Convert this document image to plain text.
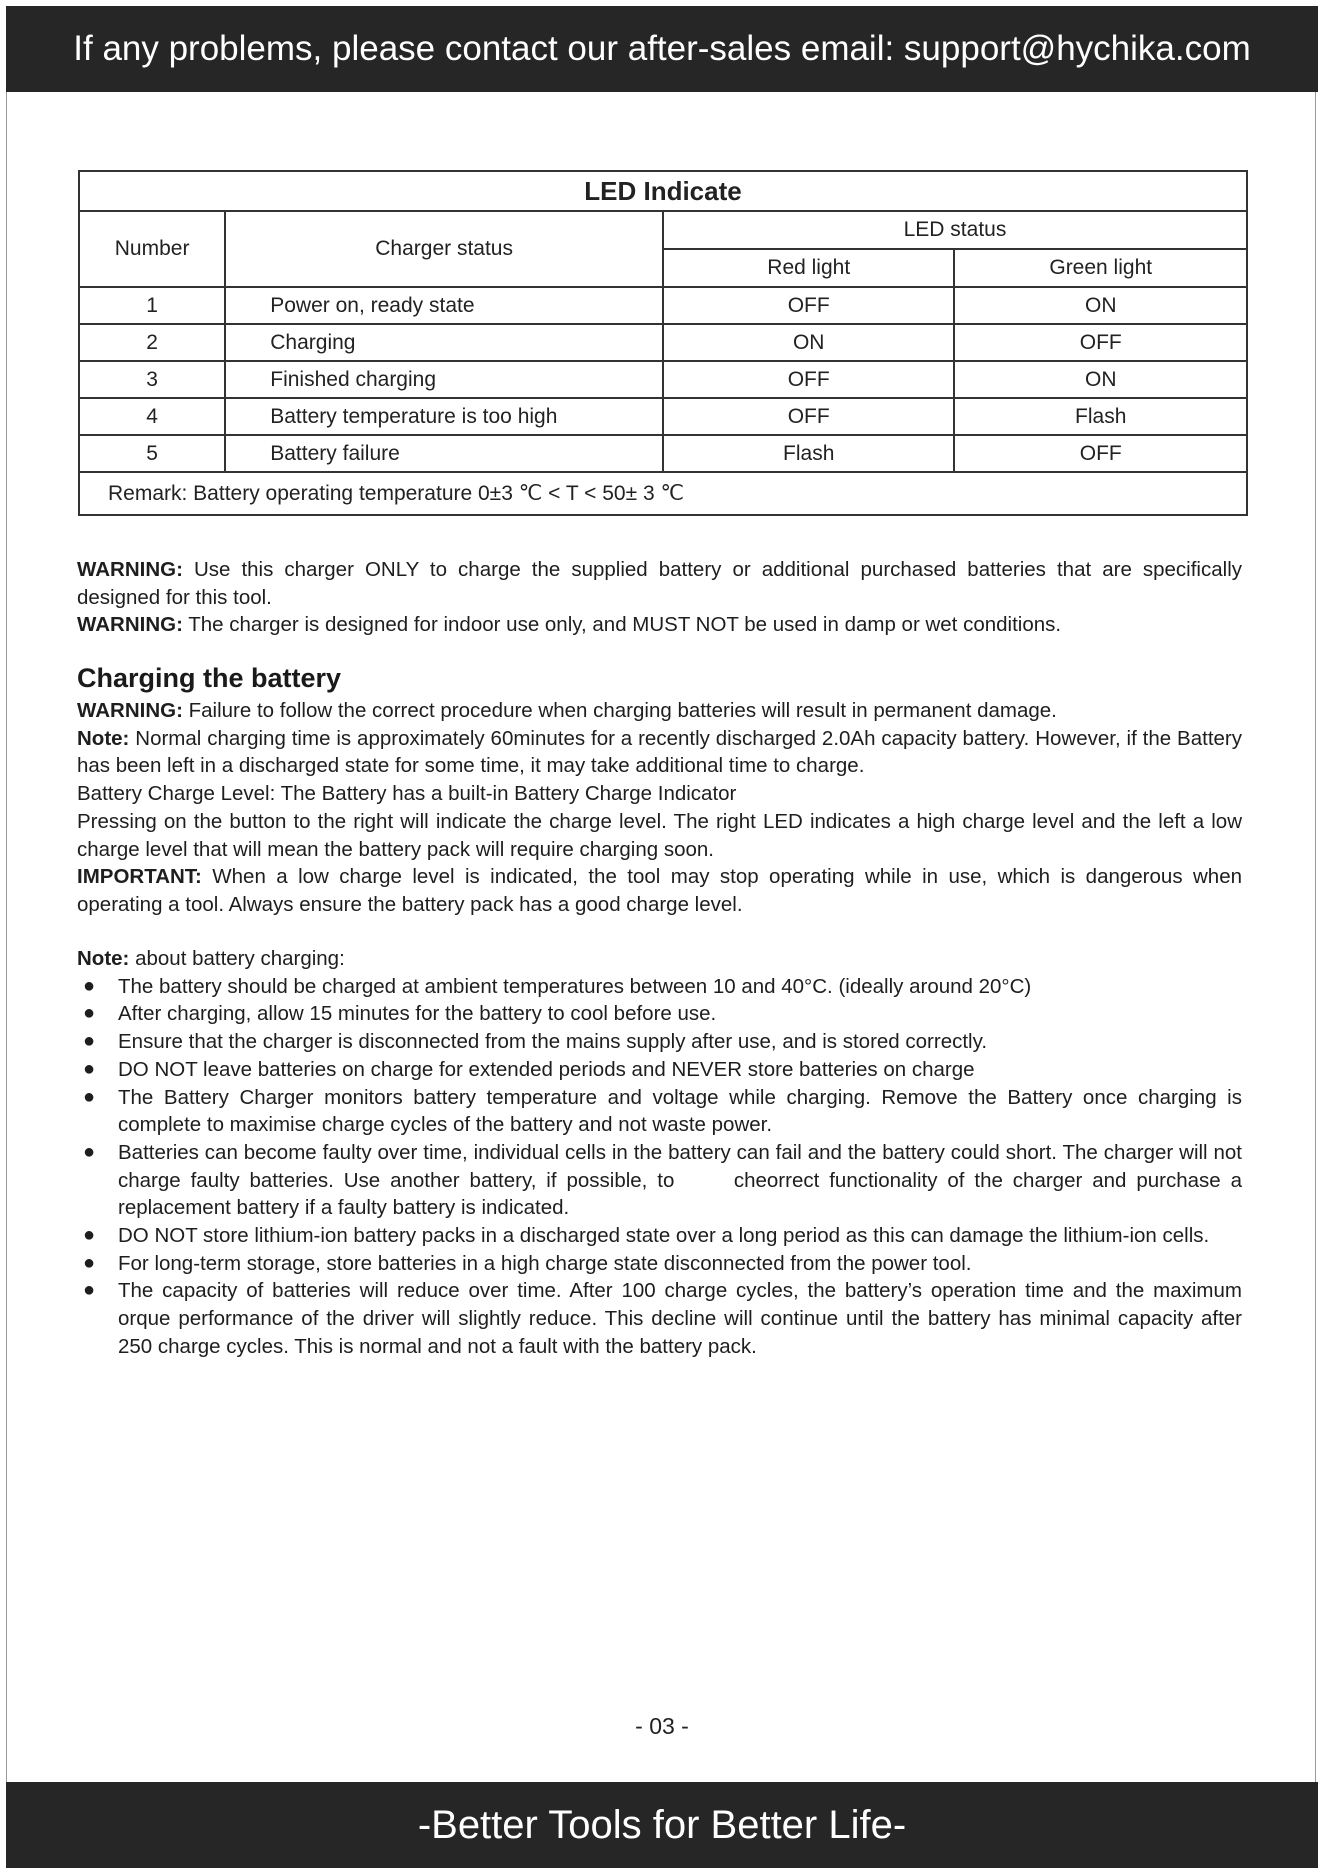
If any problems, please contact our after-sales email: support@hychika.com
LED Indicate			
Number	Charger status	LED status	
		Red light	Green light
1	Power on, ready state	OFF	ON
2	Charging	ON	OFF
3	Finished charging	OFF	ON
4	Battery temperature is too high	OFF	Flash
5	Battery failure	Flash	OFF
Remark: Battery operating temperature 0±3 ℃ < T < 50± 3 ℃			

WARNING: Use this charger ONLY to charge the supplied battery or additional purchased batteries that are specifically designed for this tool.

WARNING: The charger is designed for indoor use only, and MUST NOT be used in damp or wet conditions.

Charging the battery

WARNING: Failure to follow the correct procedure when charging batteries will result in permanent damage.

Note: Normal charging time is approximately 60minutes for a recently discharged 2.0Ah capacity battery. However, if the Battery has been left in a discharged state for some time, it may take additional time to charge.

Battery Charge Level: The Battery has a built-in Battery Charge Indicator

Pressing on the button to the right will indicate the charge level. The right LED indicates a high charge level and the left a low charge level that will mean the battery pack will require charging soon.

IMPORTANT: When a low charge level is indicated, the tool may stop operating while in use, which is dangerous when operating a tool. Always ensure the battery pack has a good charge level.

Note: about battery charging:

● The battery should be charged at ambient temperatures between 10 and 40°C. (ideally around 20°C)
● After charging, allow 15 minutes for the battery to cool before use.
● Ensure that the charger is disconnected from the mains supply after use, and is stored correctly.
● DO NOT leave batteries on charge for extended periods and NEVER store batteries on charge
● The Battery Charger monitors battery temperature and voltage while charging. Remove the Battery once charging is complete to maximise charge cycles of the battery and not waste power.
● Batteries can become faulty over time, individual cells in the battery can fail and the battery could short. The charger will not charge faulty batteries. Use another battery, if possible, to      cheorrect functionality of the charger and purchase a replacement battery if a faulty battery is indicated.
● DO NOT store lithium-ion battery packs in a discharged state over a long period as this can damage the lithium-ion cells.
● For long-term storage, store batteries in a high charge state disconnected from the power tool.
● The capacity of batteries will reduce over time. After 100 charge cycles, the battery’s operation time and the maximum orque performance of the driver will slightly reduce. This decline will continue until the battery has minimal capacity after 250 charge cycles. This is normal and not a fault with the battery pack.
- 03 -
-Better Tools for Better Life-
